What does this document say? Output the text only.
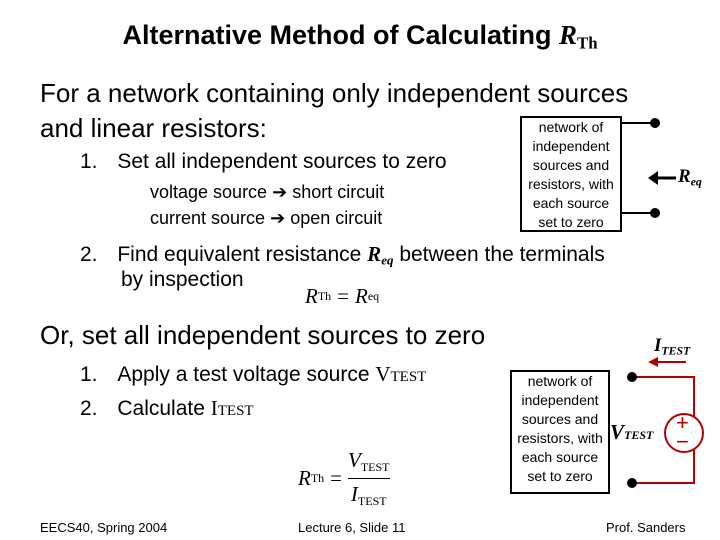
Alternative Method of Calculating $R_{Th}$
For a network containing only independent sources
and linear resistors:
1. Set all independent sources to zero
voltage source ➔ short circuit
current source ➔ open circuit
network of
independent
sources and
resistors, with
each source
set to zero
$R_{eq}$
2. Find equivalent resistance $R_{eq}$ between the terminals
by inspection
R Th = R eq
Or, set all independent sources to zero	$I_{TEST}$
1. Apply a test voltage source VTEST
2. Calculate ITEST
network of
independent
sources and
resistors, with
each source
set to zero
VTEST +
−
R Th =
VTEST
ITEST
EECS40, Spring 2004	Lecture 6, Slide 11	Prof. Sanders
